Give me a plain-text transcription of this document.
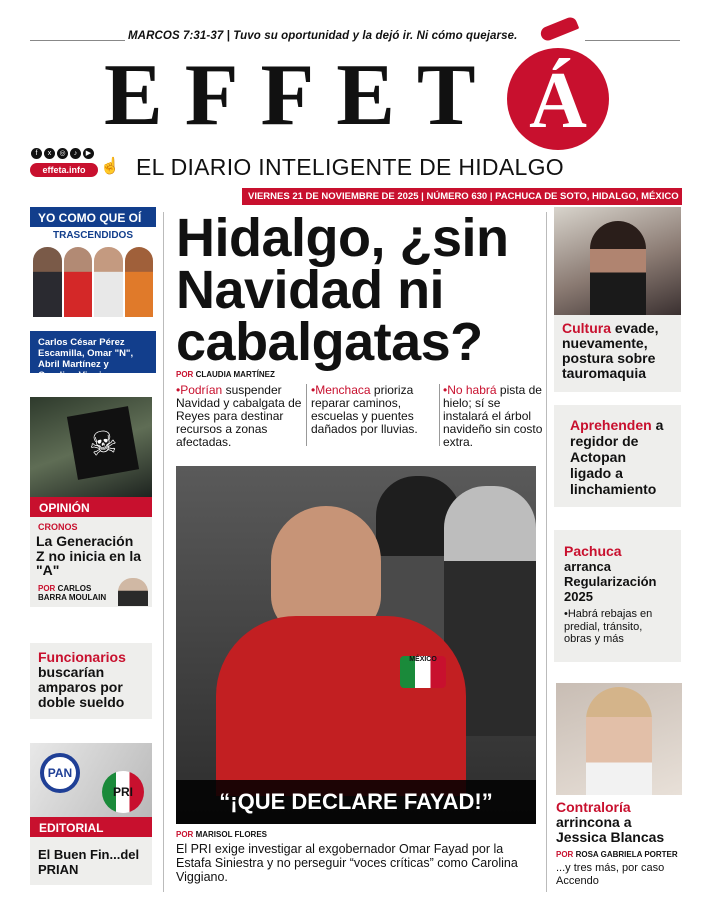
MARCOS 7:31-37 | Tuvo su oportunidad y la dejó ir. Ni cómo quejarse.
EFFET Á
f	x	◎	♪	▶
effeta.info ☝ EL DIARIO INTELIGENTE DE HIDALGO
VIERNES 21 DE NOVIEMBRE DE 2025 | NÚMERO 630 | PACHUCA DE SOTO, HIDALGO, MÉXICO
YO COMO QUE OÍ
TRASCENDIDOS
Carlos César Pérez Escamilla, Omar "N", Abril Martínez y Carolina Viggiano.
☠
OPINIÓN
CRONOS
La Generación Z no inicia en la "A"
POR CARLOS BARRA MOULAIN
Funcionarios buscarían amparos por doble sueldo
PAN
PRI
EDITORIAL
El Buen Fin...del PRIAN
Hidalgo, ¿sin Navidad ni cabalgatas?
POR CLAUDIA MARTÍNEZ
•Podrían suspender Navidad y cabalgata de Reyes para destinar recursos a zonas afectadas.
•Menchaca prioriza reparar caminos, escuelas y puentes dañados por lluvias.
•No habrá pista de hielo; sí se instalará el árbol navideño sin costo extra.
MÉXICO
“¡QUE DECLARE FAYAD!”
POR MARISOL FLORES
El PRI exige investigar al exgobernador Omar Fayad por la Estafa Siniestra y no perseguir “voces críticas” como Carolina Viggiano.
Cultura evade, nuevamente, postura sobre tauromaquia
Aprehenden a regidor de Actopan ligado a linchamiento
Pachuca
arranca
Regularización 2025
•Habrá rebajas en predial, tránsito, obras y más
Contraloría arrincona a Jessica Blancas
POR ROSA GABRIELA PORTER
...y tres más, por caso Accendo
